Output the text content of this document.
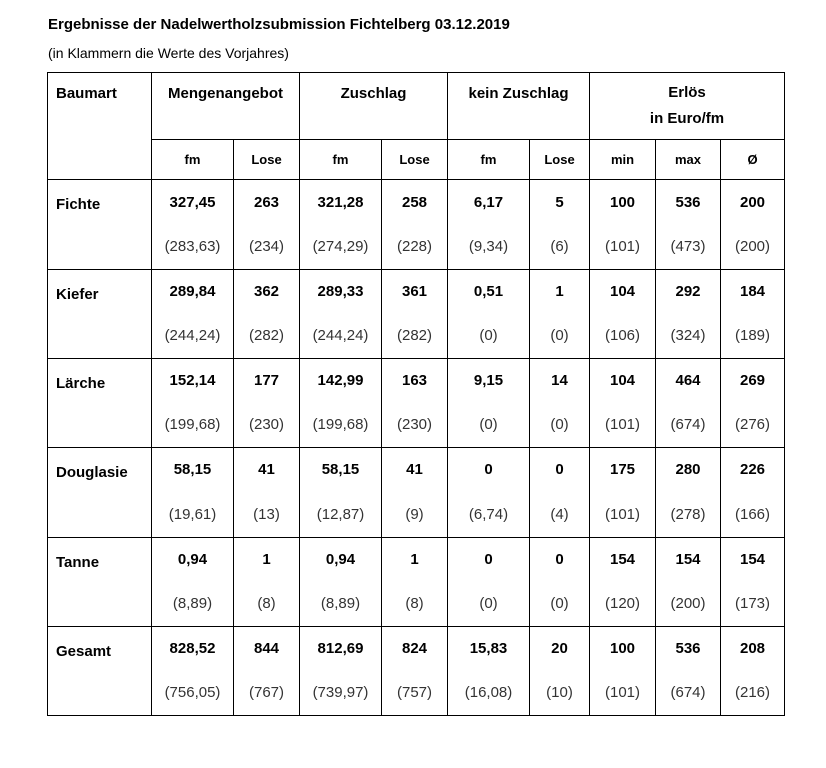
Ergebnisse der Nadelwertholzsubmission Fichtelberg 03.12.2019
(in Klammern die Werte des Vorjahres)
Baumart	Mengenangebot		Zuschlag		kein Zuschlag		Erlös
in Euro/fm		

	fm	Lose	fm	Lose	fm	Lose	min	max	Ø
Fichte	327,45	263	321,28	258	6,17	5	100	536	200
	(283,63)	(234)	(274,29)	(228)	(9,34)	(6)	(101)	(473)	(200)
Kiefer	289,84	362	289,33	361	0,51	1	104	292	184
	(244,24)	(282)	(244,24)	(282)	(0)	(0)	(106)	(324)	(189)
Lärche	152,14	177	142,99	163	9,15	14	104	464	269
	(199,68)	(230)	(199,68)	(230)	(0)	(0)	(101)	(674)	(276)
Douglasie	58,15	41	58,15	41	0	0	175	280	226
	(19,61)	(13)	(12,87)	(9)	(6,74)	(4)	(101)	(278)	(166)
Tanne	0,94	1	0,94	1	0	0	154	154	154
	(8,89)	(8)	(8,89)	(8)	(0)	(0)	(120)	(200)	(173)
Gesamt	828,52	844	812,69	824	15,83	20	100	536	208
	(756,05)	(767)	(739,97)	(757)	(16,08)	(10)	(101)	(674)	(216)
